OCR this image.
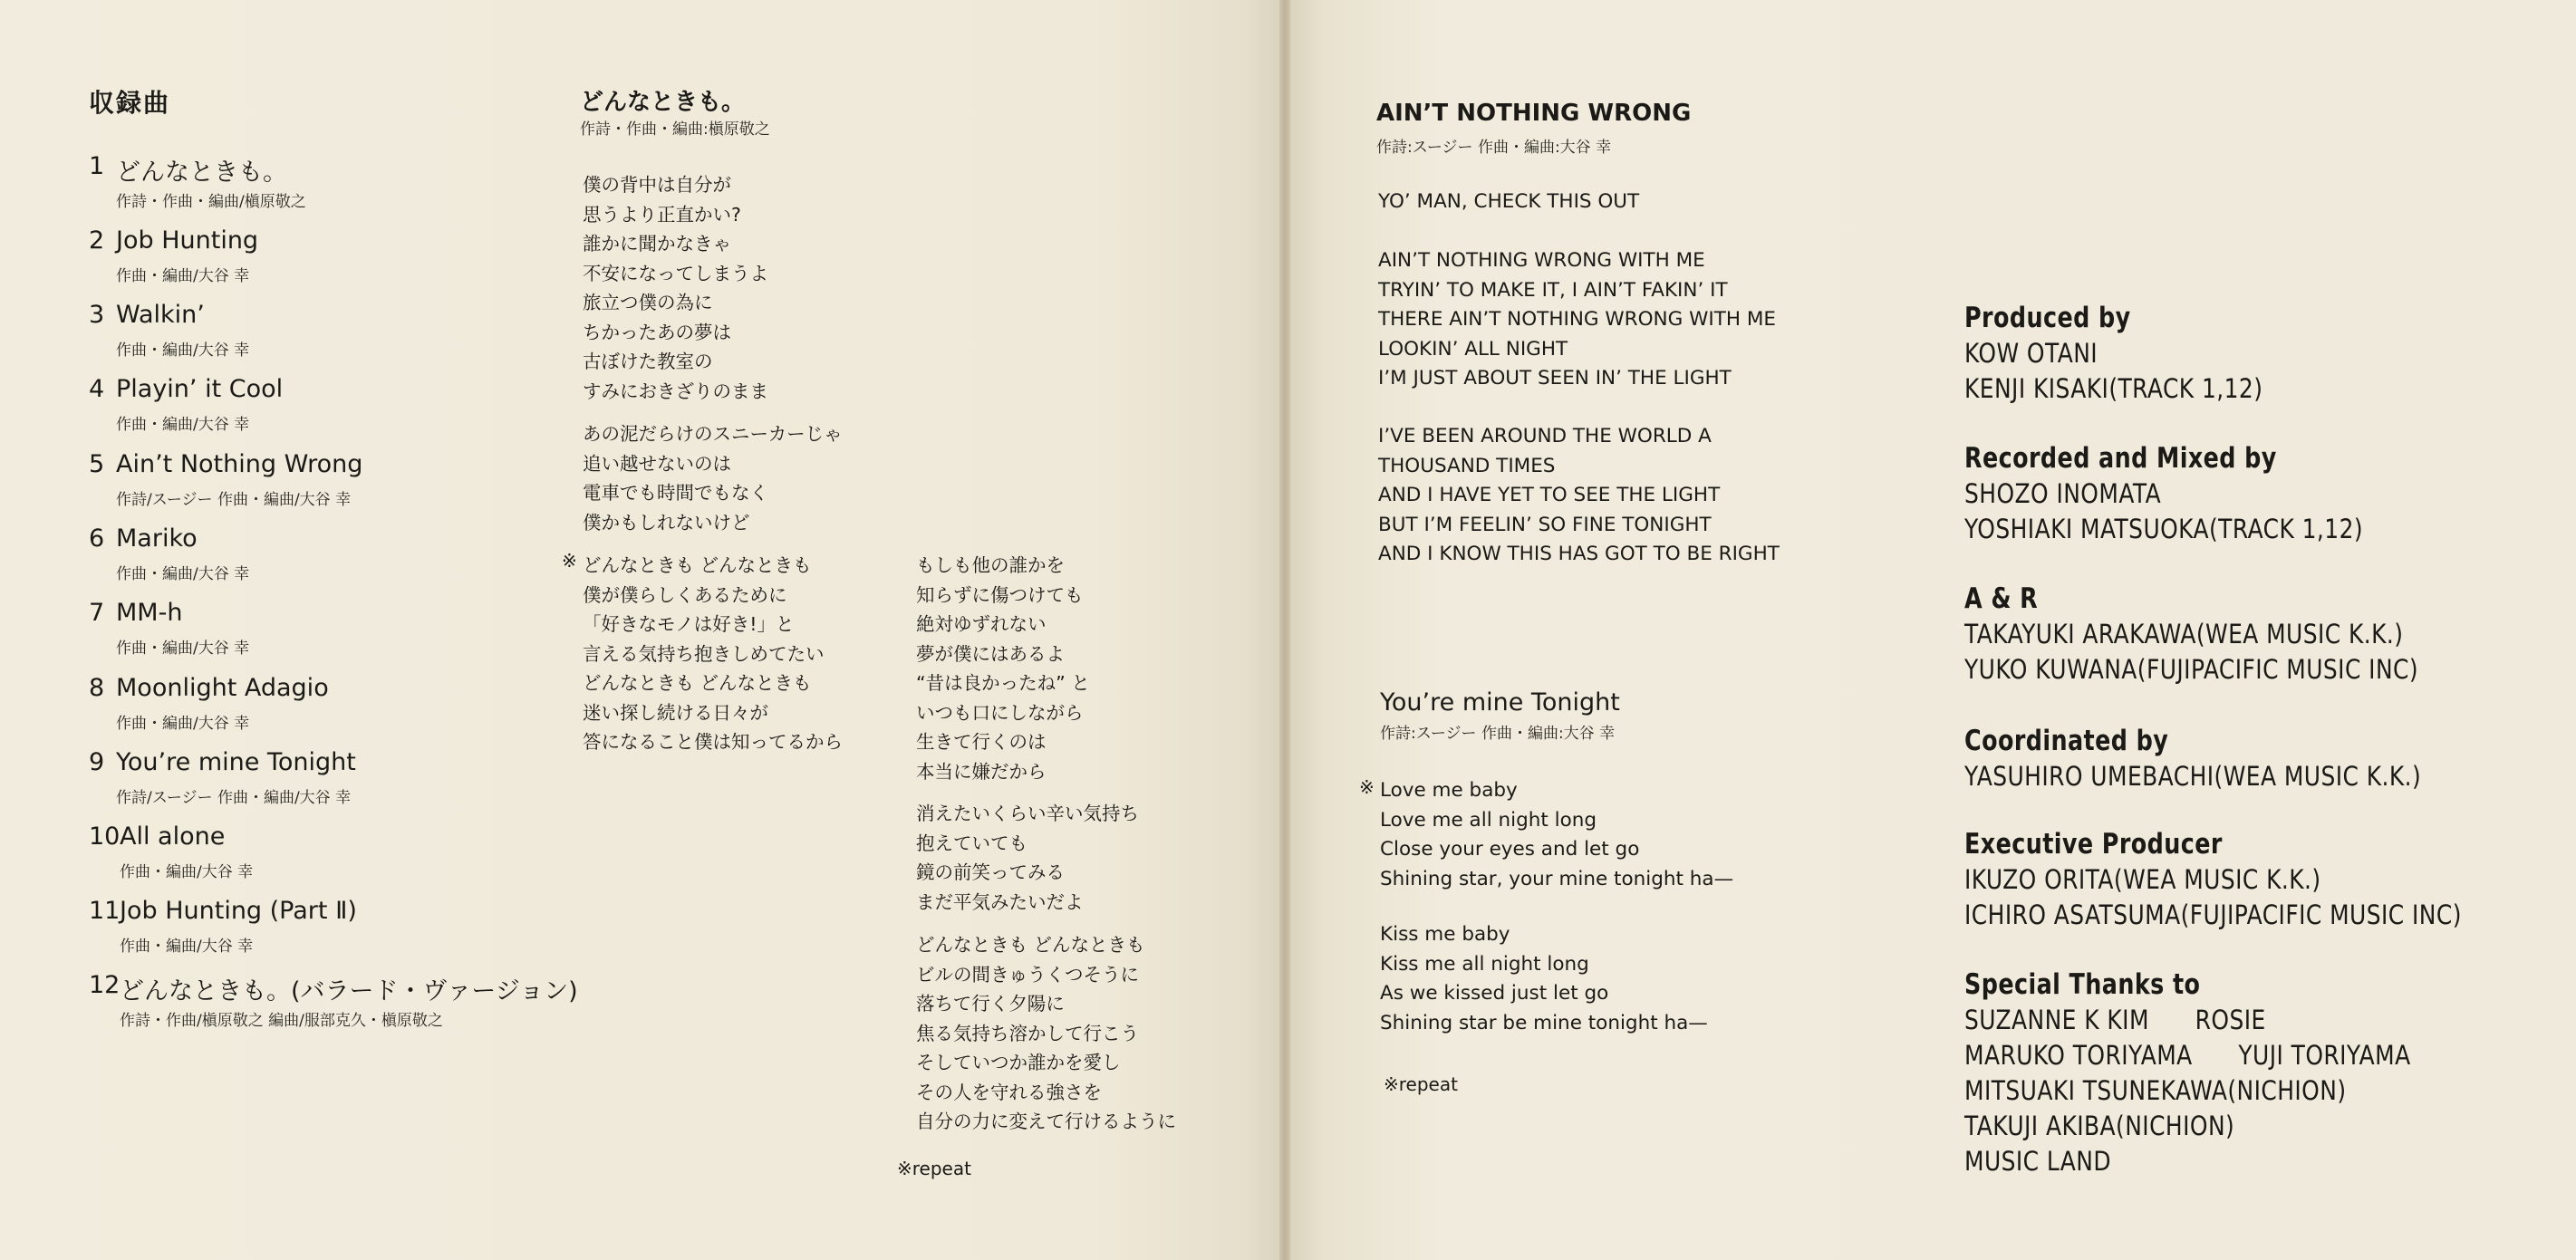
収録曲
1 どんなときも。
作詩・作曲・編曲/槇原敬之
2 Job Hunting
作曲・編曲/大谷 幸
3 Walkin’
作曲・編曲/大谷 幸
4 Playin’ it Cool
作曲・編曲/大谷 幸
5 Ain’t Nothing Wrong
作詩/スージー 作曲・編曲/大谷 幸
6 Mariko
作曲・編曲/大谷 幸
7 MM-h
作曲・編曲/大谷 幸
8 Moonlight Adagio
作曲・編曲/大谷 幸
9 You’re mine Tonight
作詩/スージー 作曲・編曲/大谷 幸
10 All alone
作曲・編曲/大谷 幸
11 Job Hunting (Part Ⅱ)
作曲・編曲/大谷 幸
12 どんなときも。(バラード・ヴァージョン)
作詩・作曲/槇原敬之 編曲/服部克久・槇原敬之
どんなときも。
作詩・作曲・編曲:槇原敬之
僕の背中は自分が
思うより正直かい?
誰かに聞かなきゃ
不安になってしまうよ
旅立つ僕の為に
ちかったあの夢は
古ぼけた教室の
すみにおきざりのまま
あの泥だらけのスニーカーじゃ
追い越せないのは
電車でも時間でもなく
僕かもしれないけど
※ どんなときも どんなときも
僕が僕らしくあるために
「好きなモノは好き!」と
言える気持ち抱きしめてたい
どんなときも どんなときも
迷い探し続ける日々が
答になること僕は知ってるから
もしも他の誰かを
知らずに傷つけても
絶対ゆずれない
夢が僕にはあるよ
“昔は良かったね” と
いつも口にしながら
生きて行くのは
本当に嫌だから
消えたいくらい辛い気持ち
抱えていても
鏡の前笑ってみる
まだ平気みたいだよ
どんなときも どんなときも
ビルの間きゅうくつそうに
落ちて行く夕陽に
焦る気持ち溶かして行こう
そしていつか誰かを愛し
その人を守れる強さを
自分の力に変えて行けるように
※repeat
AIN’T NOTHING WRONG
作詩:スージー 作曲・編曲:大谷 幸
YO’ MAN, CHECK THIS OUT
AIN’T NOTHING WRONG WITH ME
TRYIN’ TO MAKE IT, I AIN’T FAKIN’ IT
THERE AIN’T NOTHING WRONG WITH ME
LOOKIN’ ALL NIGHT
I’M JUST ABOUT SEEN IN’ THE LIGHT
I’VE BEEN AROUND THE WORLD A
THOUSAND TIMES
AND I HAVE YET TO SEE THE LIGHT
BUT I’M FEELIN’ SO FINE TONIGHT
AND I KNOW THIS HAS GOT TO BE RIGHT
You’re mine Tonight
作詩:スージー 作曲・編曲:大谷 幸
※ Love me baby
Love me all night long
Close your eyes and let go
Shining star, your mine tonight ha—
Kiss me baby
Kiss me all night long
As we kissed just let go
Shining star be mine tonight ha—
※repeat
Produced by
KOW OTANI
KENJI KISAKI(TRACK 1,12)
Recorded and Mixed by
SHOZO INOMATA
YOSHIAKI MATSUOKA(TRACK 1,12)
A & R
TAKAYUKI ARAKAWA(WEA MUSIC K.K.)
YUKO KUWANA(FUJIPACIFIC MUSIC INC)
Coordinated by
YASUHIRO UMEBACHI(WEA MUSIC K.K.)
Executive Producer
IKUZO ORITA(WEA MUSIC K.K.)
ICHIRO ASATSUMA(FUJIPACIFIC MUSIC INC)
Special Thanks to
SUZANNE K KIM  ROSIE
MARUKO TORIYAMA  YUJI TORIYAMA
MITSUAKI TSUNEKAWA(NICHION)
TAKUJI AKIBA(NICHION)
MUSIC LAND
